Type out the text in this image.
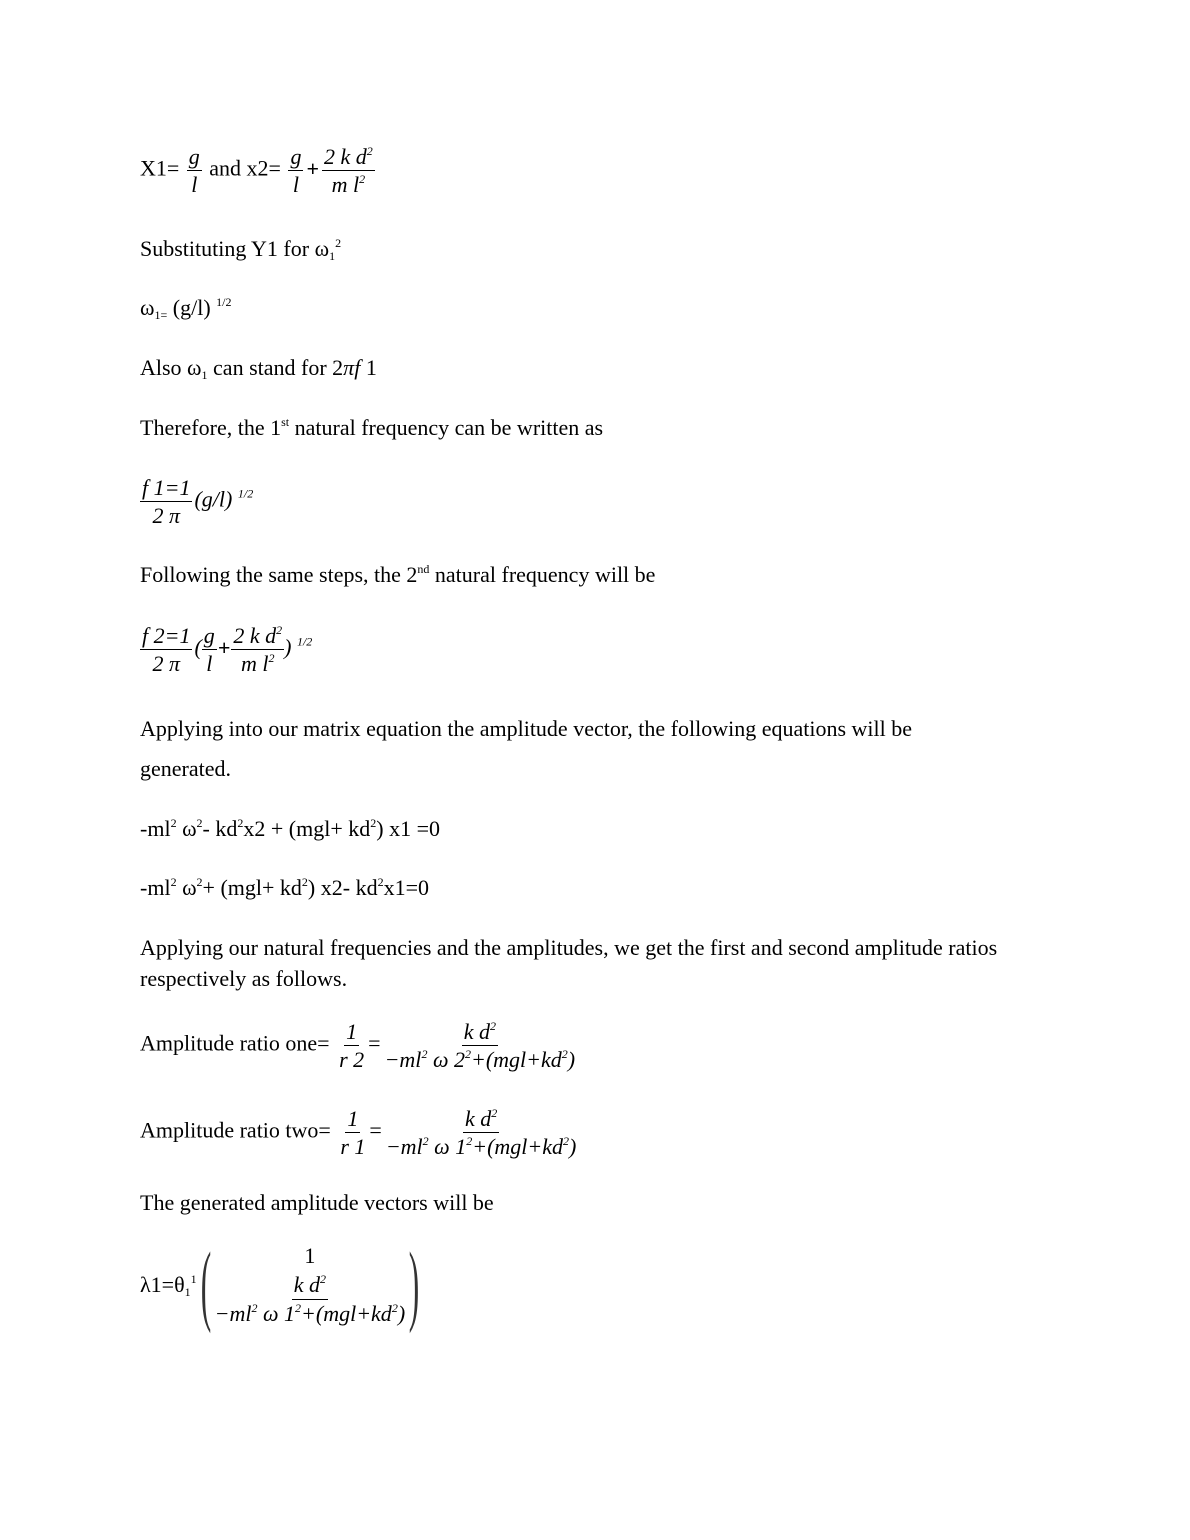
$X1= \frac{g}{l}$ and $x2= \frac{g}{l} + \frac{2 k d^2}{m l^2}$
Substituting Y1 for $\omega_1^2$
$\omega_{1=}$ (g/l) $^{1/2}$
Also $\omega_1$ can stand for 2πf 1
Therefore, the 1st natural frequency can be written as
$\frac{f 1=1}{2 \pi} (g/l)$ $^{1/2}$
Following the same steps, the 2nd natural frequency will be
$\frac{f 2=1}{2 \pi}$ ( $\frac{g}{l} + \frac{2 k d^2}{m l^2}$ ) $^{1/2}$
Applying into our matrix equation the amplitude vector, the following equations will be
generated.
$-ml^2$ $\omega^2-$ $kd^2x2 + (mgl+ kd^2)$ x1 =0
$-ml^2$ $\omega^2+ (mgl+ kd^2)$ x2- $kd^2x1=0$
Applying our natural frequencies and the amplitudes, we get the first and second amplitude ratios
respectively as follows.
Amplitude ratio $one= \frac{1}{r 2} = \frac{k d^2}{-ml^2 \omega 2^2+(mgl+kd^2)}$
Amplitude ratio $two= \frac{1}{r 1} = \frac{k d^2}{-ml^2 \omega 1^2+(mgl+kd^2)}$
The generated amplitude vectors will be
$\lambda 1=\theta_1^1$ (	1
$\frac{k d^2}{-ml^2 \omega 1^2+(mgl+kd^2)}$ )
